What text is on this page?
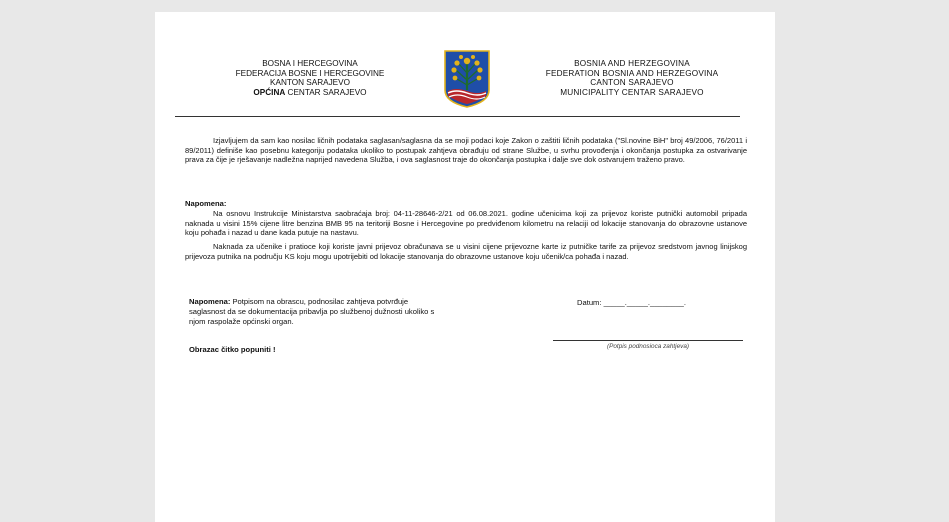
BOSNA I HERCEGOVINA
FEDERACIJA BOSNE I HERCEGOVINE
KANTON SARAJEVO
OPĆINA CENTAR SARAJEVO
BOSNIA AND HERZEGOVINA
FEDERATION BOSNIA AND HERZEGOVINA
CANTON SARAJEVO
MUNICIPALITY CENTAR SARAJEVO
Izjavljujem da sam kao nosilac ličnih podataka saglasan/saglasna da se moji podaci koje Zakon o zaštiti ličnih podataka ("Sl.novine BiH" broj 49/2006, 76/2011 i 89/2011) definiše kao posebnu kategoriju podataka ukoliko to postupak zahtjeva obrađuju od strane Službe, u svrhu provođenja i okončanja postupka za ostvarivanje prava za čije je rješavanje nadležna naprijed navedena Služba, i ova saglasnost traje do okončanja postupka i dalje sve dok ostvarujem traženo pravo.
Napomena:
Na osnovu Instrukcije Ministarstva saobraćaja broj: 04-11-28646-2/21 od 06.08.2021. godine učenicima koji za prijevoz koriste putnički automobil pripada naknada u visini 15% cijene litre benzina BMB 95 na teritoriji Bosne i Hercegovine po predviđenom kilometru na relaciji od lokacije stanovanja do obrazovne ustanove koju pohađa i nazad u dane kada putuje na nastavu.
Naknada za učenike i pratioce koji koriste javni prijevoz obračunava se u visini cijene prijevozne karte iz putničke tarife za prijevoz sredstvom javnog linijskog prijevoza putnika na području KS koju mogu upotrijebiti od lokacije stanovanja do obrazovne ustanove koju učenik/ca pohađa i nazad.
Napomena: Potpisom na obrascu, podnosilac zahtjeva potvrđuje saglasnost da se dokumentacija pribavlja po službenoj dužnosti ukoliko s njom raspolaže općinski organ.
Obrazac čitko popuniti !
Datum: _____._____.________.
(Potpis podnosioca zahtjeva)
